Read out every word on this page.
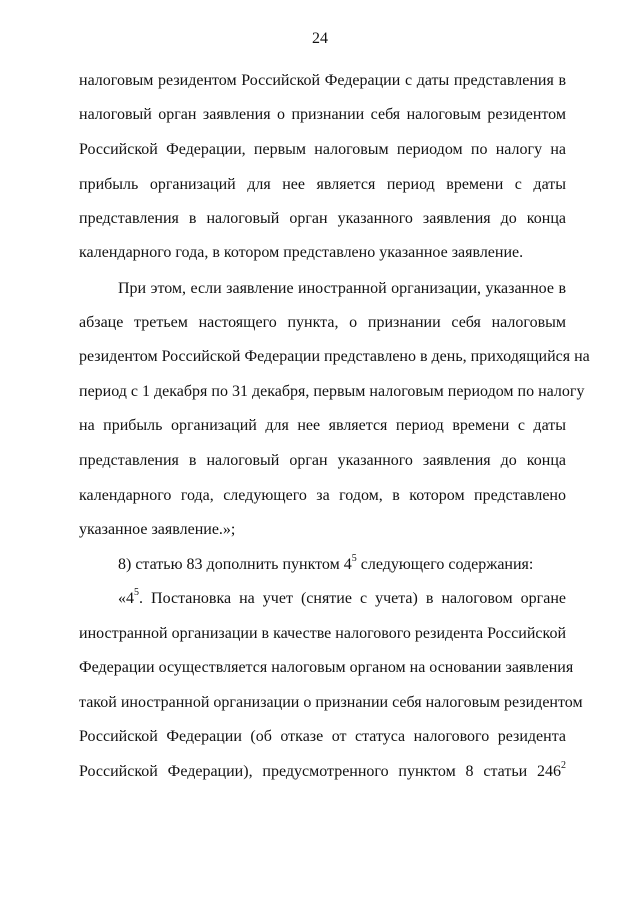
24
налоговым резидентом Российской Федерации с даты представления в
налоговый орган заявления о признании себя налоговым резидентом
Российской Федерации, первым налоговым периодом по налогу на
прибыль организаций для нее является период времени с даты
представления в налоговый орган указанного заявления до конца
календарного года, в котором представлено указанное заявление.
При этом, если заявление иностранной организации, указанное в
абзаце третьем настоящего пункта, о признании себя налоговым
резидентом Российской Федерации представлено в день, приходящийся на
период с 1 декабря по 31 декабря, первым налоговым периодом по налогу
на прибыль организаций для нее является период времени с даты
представления в налоговый орган указанного заявления до конца
календарного года, следующего за годом, в котором представлено
указанное заявление.»;
8) статью 83 дополнить пунктом $4^5$ следующего содержания:
«$4^5$. Постановка на учет (снятие с учета) в налоговом органе
иностранной организации в качестве налогового резидента Российской
Федерации осуществляется налоговым органом на основании заявления
такой иностранной организации о признании себя налоговым резидентом
Российской Федерации (об отказе от статуса налогового резидента
Российской Федерации), предусмотренного пунктом 8 статьи $246^2$
